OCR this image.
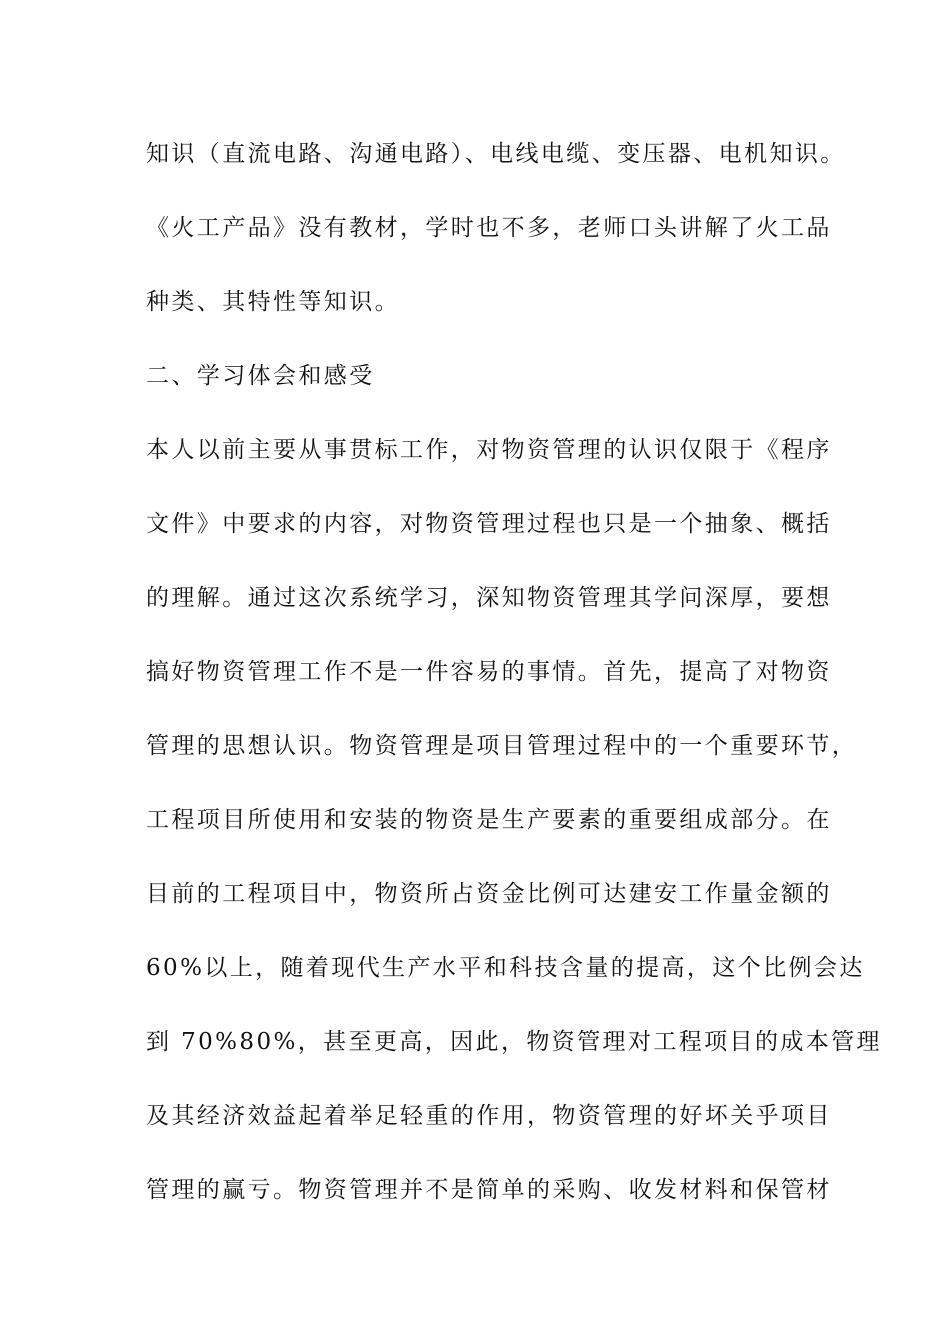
知识（直流电路、沟通电路）、电线电缆、变压器、电机知识。
《火工产品》没有教材，学时也不多，老师口头讲解了火工品
种类、其特性等知识。
二、学习体会和感受
本人以前主要从事贯标工作，对物资管理的认识仅限于《程序
文件》中要求的内容，对物资管理过程也只是一个抽象、概括
的理解。通过这次系统学习，深知物资管理其学问深厚，要想
搞好物资管理工作不是一件容易的事情。首先，提高了对物资
管理的思想认识。物资管理是项目管理过程中的一个重要环节，
工程项目所使用和安装的物资是生产要素的重要组成部分。在
目前的工程项目中，物资所占资金比例可达建安工作量金额的
60%以上，随着现代生产水平和科技含量的提高，这个比例会达
到 70%80%，甚至更高，因此，物资管理对工程项目的成本管理
及其经济效益起着举足轻重的作用，物资管理的好坏关乎项目
管理的赢亏。物资管理并不是简单的采购、收发材料和保管材
